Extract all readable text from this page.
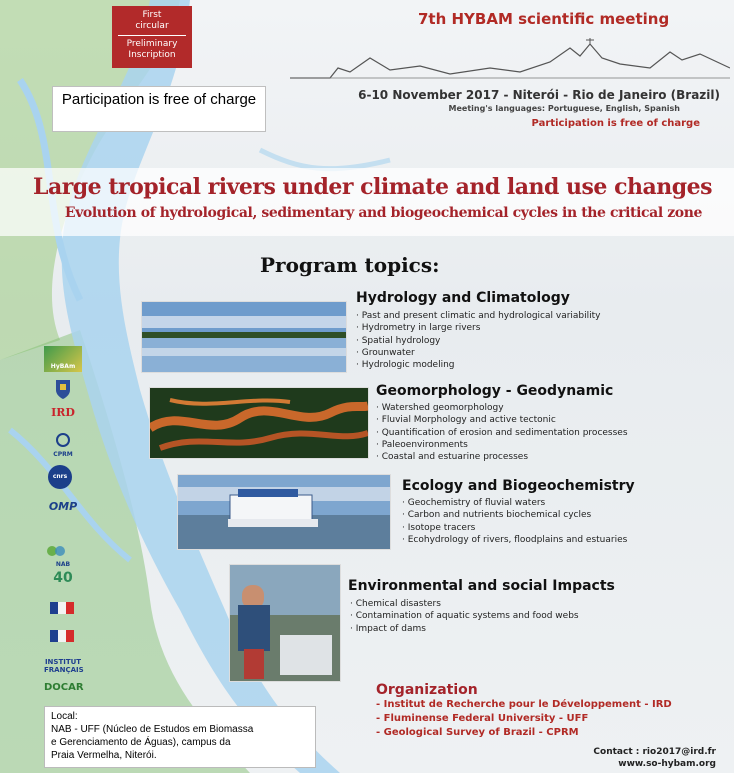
First
circular
Preliminary
Inscription
Participation is free of charge
7th HYBAM scientific meeting
6-10 November 2017 - Niterói - Rio de Janeiro (Brazil)
Meeting's languages: Portuguese, English, Spanish
Participation is free of charge
Large tropical rivers under climate and land use changes
Evolution of hydrological, sedimentary and biogeochemical cycles in the critical zone
Program topics:
Hydrology and Climatology
· Past and present climatic and hydrological variability
· Hydrometry in large rivers
· Spatial hydrology
· Grounwater
· Hydrologic modeling
Geomorphology - Geodynamic
· Watershed geomorphology
· Fluvial Morphology and active tectonic
· Quantification of erosion and sedimentation processes
· Paleoenvironments
· Coastal and estuarine processes
Ecology and Biogeochemistry
· Geochemistry of fluvial waters
· Carbon and nutrients biochemical cycles
· Isotope tracers
· Ecohydrology of rivers, floodplains and estuaries
Environmental and social Impacts
· Chemical disasters
· Contamination of aquatic systems and food webs
· Impact of dams
HyBAm
IRD
CPRM
cnrs
OMP
NAB
40
INSTITUT FRANÇAIS
DOCAR	Organization
- Institut de Recherche pour le Développement - IRD
- Fluminense Federal University - UFF
- Geological Survey of Brazil - CPRM
Contact : rio2017@ird.fr
www.so-hybam.org
Local:
NAB - UFF (Núcleo de Estudos em Biomassa
e Gerenciamento de Águas), campus da
Praia Vermelha, Niterói.
